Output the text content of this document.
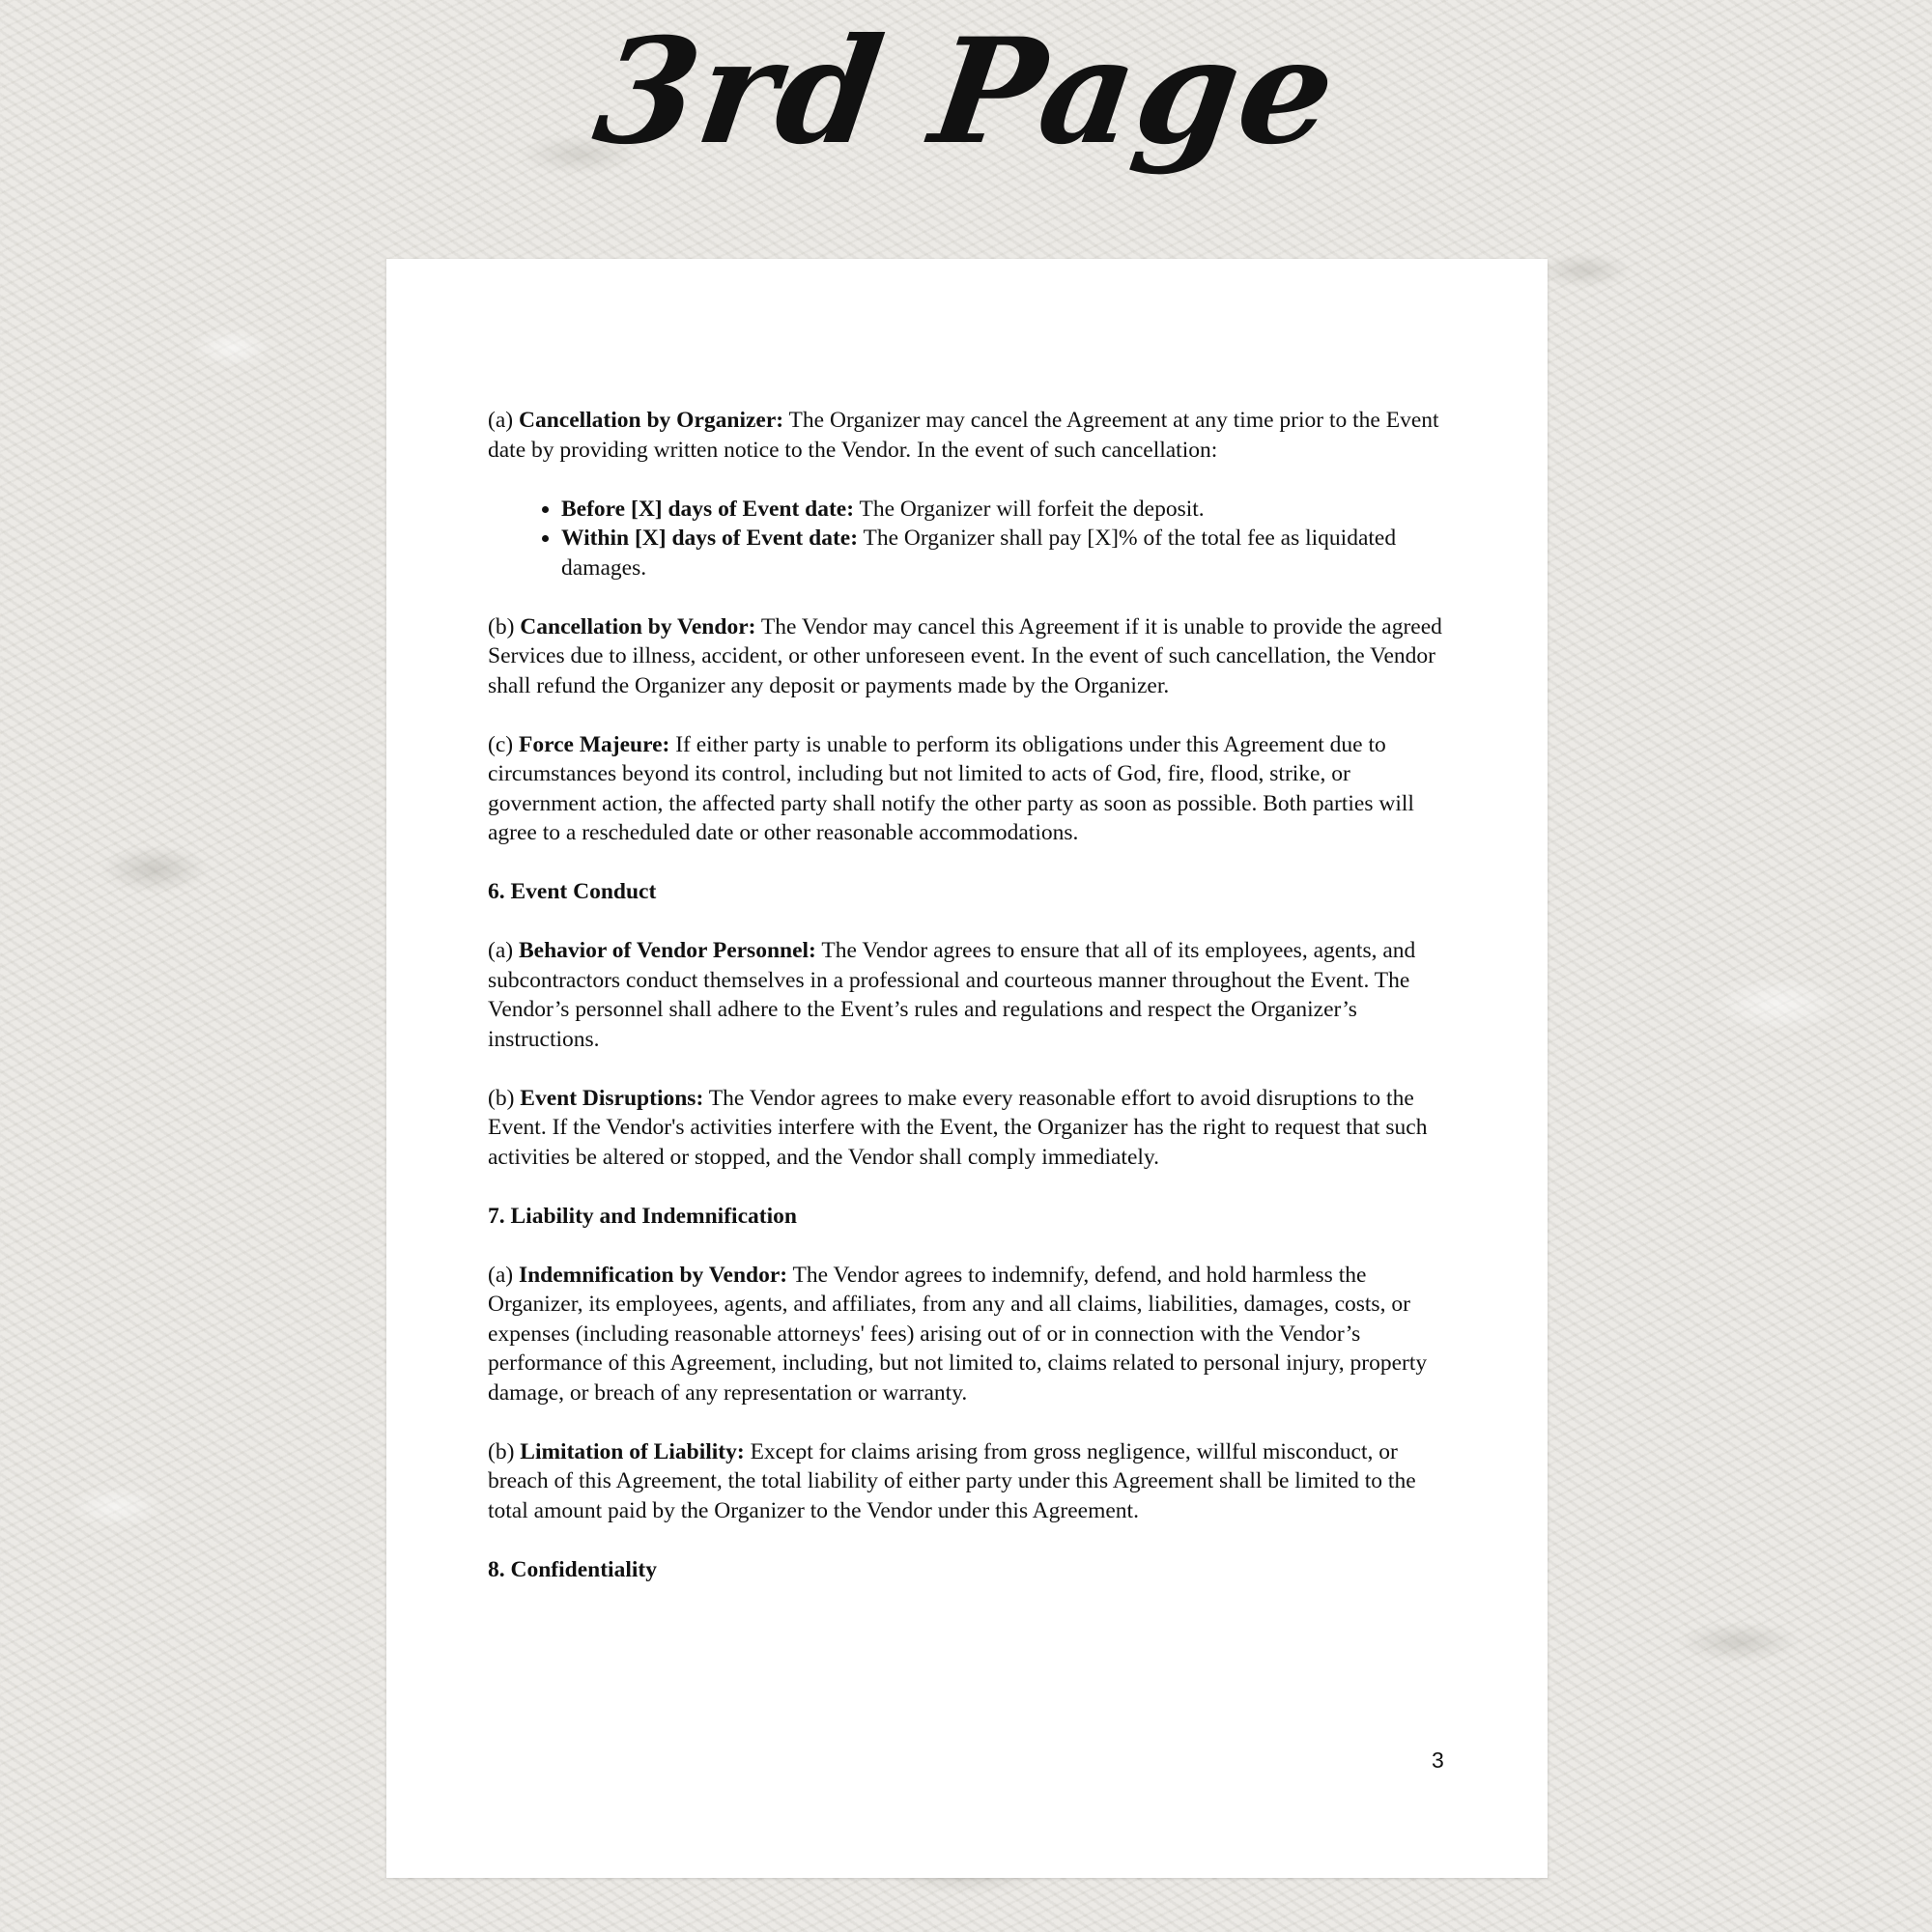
3rd Page

(a) Cancellation by Organizer: The Organizer may cancel the Agreement at any time prior to the Event date by providing written notice to the Vendor. In the event of such cancellation:

• Before [X] days of Event date: The Organizer will forfeit the deposit.
• Within [X] days of Event date: The Organizer shall pay [X]% of the total fee as liquidated damages.

(b) Cancellation by Vendor: The Vendor may cancel this Agreement if it is unable to provide the agreed Services due to illness, accident, or other unforeseen event. In the event of such cancellation, the Vendor shall refund the Organizer any deposit or payments made by the Organizer.

(c) Force Majeure: If either party is unable to perform its obligations under this Agreement due to circumstances beyond its control, including but not limited to acts of God, fire, flood, strike, or government action, the affected party shall notify the other party as soon as possible. Both parties will agree to a rescheduled date or other reasonable accommodations.

6. Event Conduct

(a) Behavior of Vendor Personnel: The Vendor agrees to ensure that all of its employees, agents, and subcontractors conduct themselves in a professional and courteous manner throughout the Event. The Vendor’s personnel shall adhere to the Event’s rules and regulations and respect the Organizer’s instructions.

(b) Event Disruptions: The Vendor agrees to make every reasonable effort to avoid disruptions to the Event. If the Vendor's activities interfere with the Event, the Organizer has the right to request that such activities be altered or stopped, and the Vendor shall comply immediately.

7. Liability and Indemnification

(a) Indemnification by Vendor: The Vendor agrees to indemnify, defend, and hold harmless the Organizer, its employees, agents, and affiliates, from any and all claims, liabilities, damages, costs, or expenses (including reasonable attorneys' fees) arising out of or in connection with the Vendor’s performance of this Agreement, including, but not limited to, claims related to personal injury, property damage, or breach of any representation or warranty.

(b) Limitation of Liability: Except for claims arising from gross negligence, willful misconduct, or breach of this Agreement, the total liability of either party under this Agreement shall be limited to the total amount paid by the Organizer to the Vendor under this Agreement.

8. Confidentiality

3
